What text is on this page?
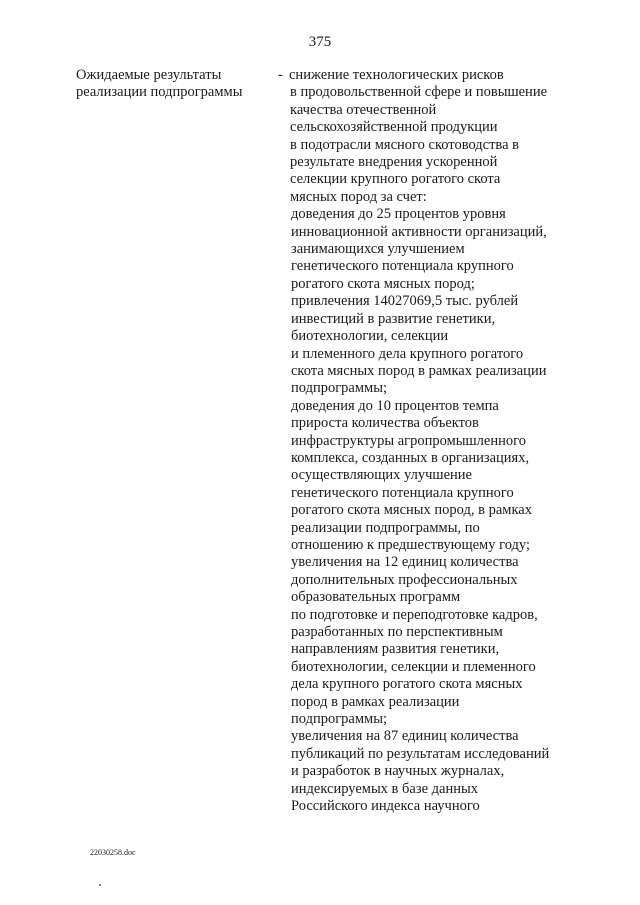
375
Ожидаемые результаты
реализации подпрограммы
- снижение технологических рисков
в продовольственной сфере и повышение
качества отечественной
сельскохозяйственной продукции
в подотрасли мясного скотоводства в
результате внедрения ускоренной
селекции крупного рогатого скота
мясных пород за счет:
доведения до 25 процентов уровня
инновационной активности организаций,
занимающихся улучшением
генетического потенциала крупного
рогатого скота мясных пород;
привлечения 14027069,5 тыс. рублей
инвестиций в развитие генетики,
биотехнологии, селекции
и племенного дела крупного рогатого
скота мясных пород в рамках реализации
подпрограммы;
доведения до 10 процентов темпа
прироста количества объектов
инфраструктуры агропромышленного
комплекса, созданных в организациях,
осуществляющих улучшение
генетического потенциала крупного
рогатого скота мясных пород, в рамках
реализации подпрограммы, по
отношению к предшествующему году;
увеличения на 12 единиц количества
дополнительных профессиональных
образовательных программ
по подготовке и переподготовке кадров,
разработанных по перспективным
направлениям развития генетики,
биотехнологии, селекции и племенного
дела крупного рогатого скота мясных
пород в рамках реализации
подпрограммы;
увеличения на 87 единиц количества
публикаций по результатам исследований
и разработок в научных журналах,
индексируемых в базе данных
Российского индекса научного
22030258.doc
